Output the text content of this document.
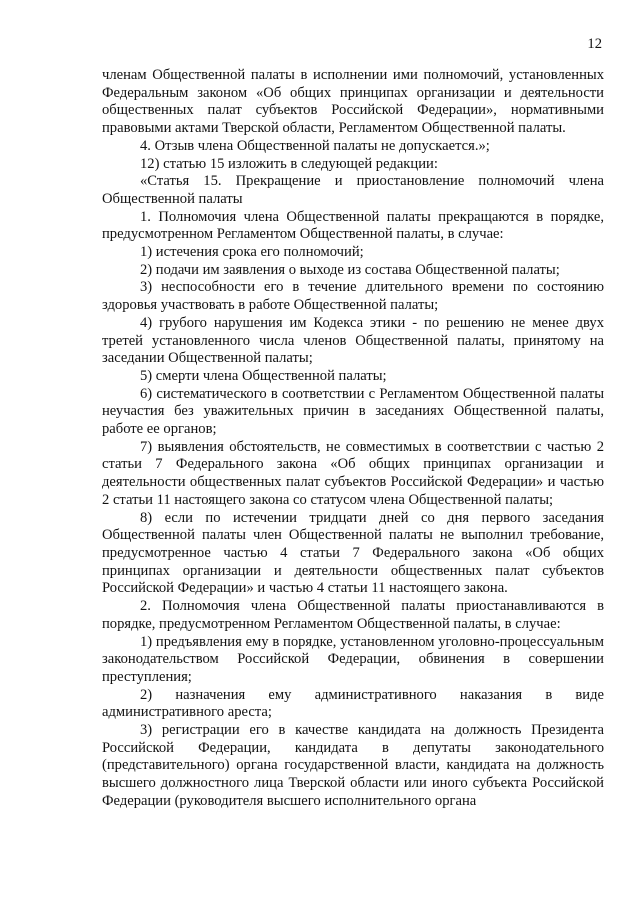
12

членам Общественной палаты в исполнении ими полномочий, установленных Федеральным законом «Об общих принципах организации и деятельности общественных палат субъектов Российской Федерации», нормативными правовыми актами Тверской области, Регламентом Общественной палаты.

4. Отзыв члена Общественной палаты не допускается.»;

12) статью 15 изложить в следующей редакции:

«Статья 15. Прекращение и приостановление полномочий члена Общественной палаты

1. Полномочия члена Общественной палаты прекращаются в порядке, предусмотренном Регламентом Общественной палаты, в случае:

1) истечения срока его полномочий;

2) подачи им заявления о выходе из состава Общественной палаты;

3) неспособности его в течение длительного времени по состоянию здоровья участвовать в работе Общественной палаты;

4) грубого нарушения им Кодекса этики - по решению не менее двух третей установленного числа членов Общественной палаты, принятому на заседании Общественной палаты;

5) смерти члена Общественной палаты;

6) систематического в соответствии с Регламентом Общественной палаты неучастия без уважительных причин в заседаниях Общественной палаты, работе ее органов;

7) выявления обстоятельств, не совместимых в соответствии с частью 2 статьи 7 Федерального закона «Об общих принципах организации и деятельности общественных палат субъектов Российской Федерации» и частью 2 статьи 11 настоящего закона со статусом члена Общественной палаты;

8) если по истечении тридцати дней со дня первого заседания Общественной палаты член Общественной палаты не выполнил требование, предусмотренное частью 4 статьи 7 Федерального закона «Об общих принципах организации и деятельности общественных палат субъектов Российской Федерации» и частью 4 статьи 11 настоящего закона.

2. Полномочия члена Общественной палаты приостанавливаются в порядке, предусмотренном Регламентом Общественной палаты, в случае:

1) предъявления ему в порядке, установленном уголовно-процессуальным законодательством Российской Федерации, обвинения в совершении преступления;

2) назначения ему административного наказания в виде административного ареста;

3) регистрации его в качестве кандидата на должность Президента Российской Федерации, кандидата в депутаты законодательного (представительного) органа государственной власти, кандидата на должность высшего должностного лица Тверской области или иного субъекта Российской Федерации (руководителя высшего исполнительного органа
